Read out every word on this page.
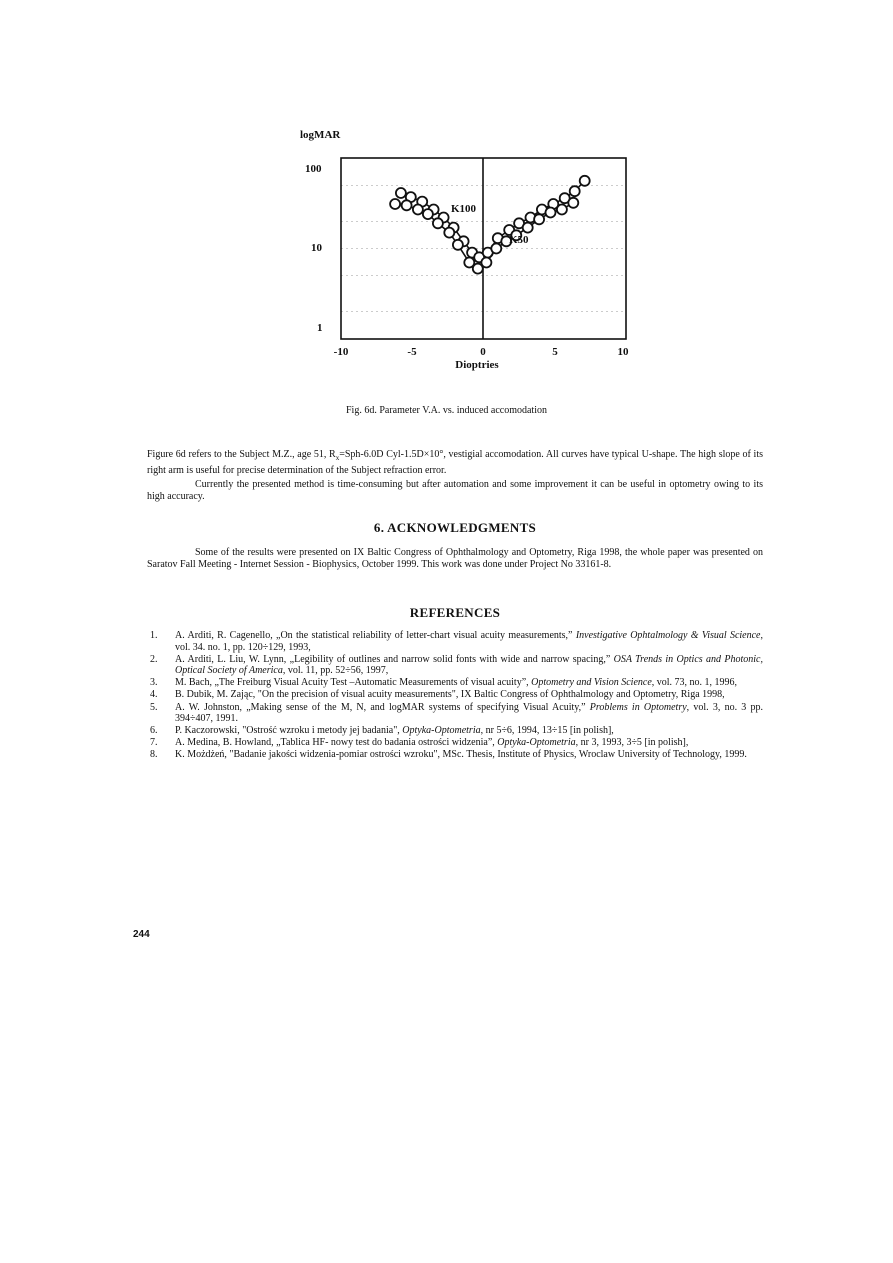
logMAR
100
10
1
K100
K50
-10	-5	0	5	10
Dioptries
Fig. 6d. Parameter V.A. vs. induced accomodation
Figure 6d refers to the Subject M.Z., age 51, $R_x=Sph-6.0D$ Cyl-1.5D×10°, vestigial accomodation. All curves have typical U-shape. The high slope of its right arm is useful for precise determination of the Subject refraction error.
Currently the presented method is time-consuming but after automation and some improvement it can be useful in optometry owing to its high accuracy.
6. ACKNOWLEDGMENTS
Some of the results were presented on IX Baltic Congress of Ophthalmology and Optometry, Riga 1998, the whole paper was presented on Saratov Fall Meeting - Internet Session - Biophysics, October 1999. This work was done under Project No 33161-8.
REFERENCES
1. A. Arditi, R. Cagenello, „On the statistical reliability of letter-chart visual acuity measurements,” Investigative Ophtalmology & Visual Science, vol. 34. no. 1, pp. 120÷129, 1993,
2. A. Arditi, L. Liu, W. Lynn, „Legibility of outlines and narrow solid fonts with wide and narrow spacing,” OSA Trends in Optics and Photonic, Optical Society of America, vol. 11, pp. 52÷56, 1997,
3. M. Bach, „The Freiburg Visual Acuity Test –Automatic Measurements of visual acuity”, Optometry and Vision Science, vol. 73, no. 1, 1996,
4. B. Dubik, M. Zając, "On the precision of visual acuity measurements", IX Baltic Congress of Ophthalmology and Optometry, Riga 1998,
5. A. W. Johnston, „Making sense of the M, N, and logMAR systems of specifying Visual Acuity,” Problems in Optometry, vol. 3, no. 3 pp. 394÷407, 1991.
6. P. Kaczorowski, "Ostrość wzroku i metody jej badania", Optyka-Optometria, nr 5÷6, 1994, 13÷15 [in polish],
7. A. Medina, B. Howland, „Tablica HF- nowy test do badania ostrości widzenia”, Optyka-Optometria, nr 3, 1993, 3÷5 [in polish],
8. K. Możdżeń, "Badanie jakości widzenia-pomiar ostrości wzroku", MSc. Thesis, Institute of Physics, Wroclaw University of Technology, 1999.
244
